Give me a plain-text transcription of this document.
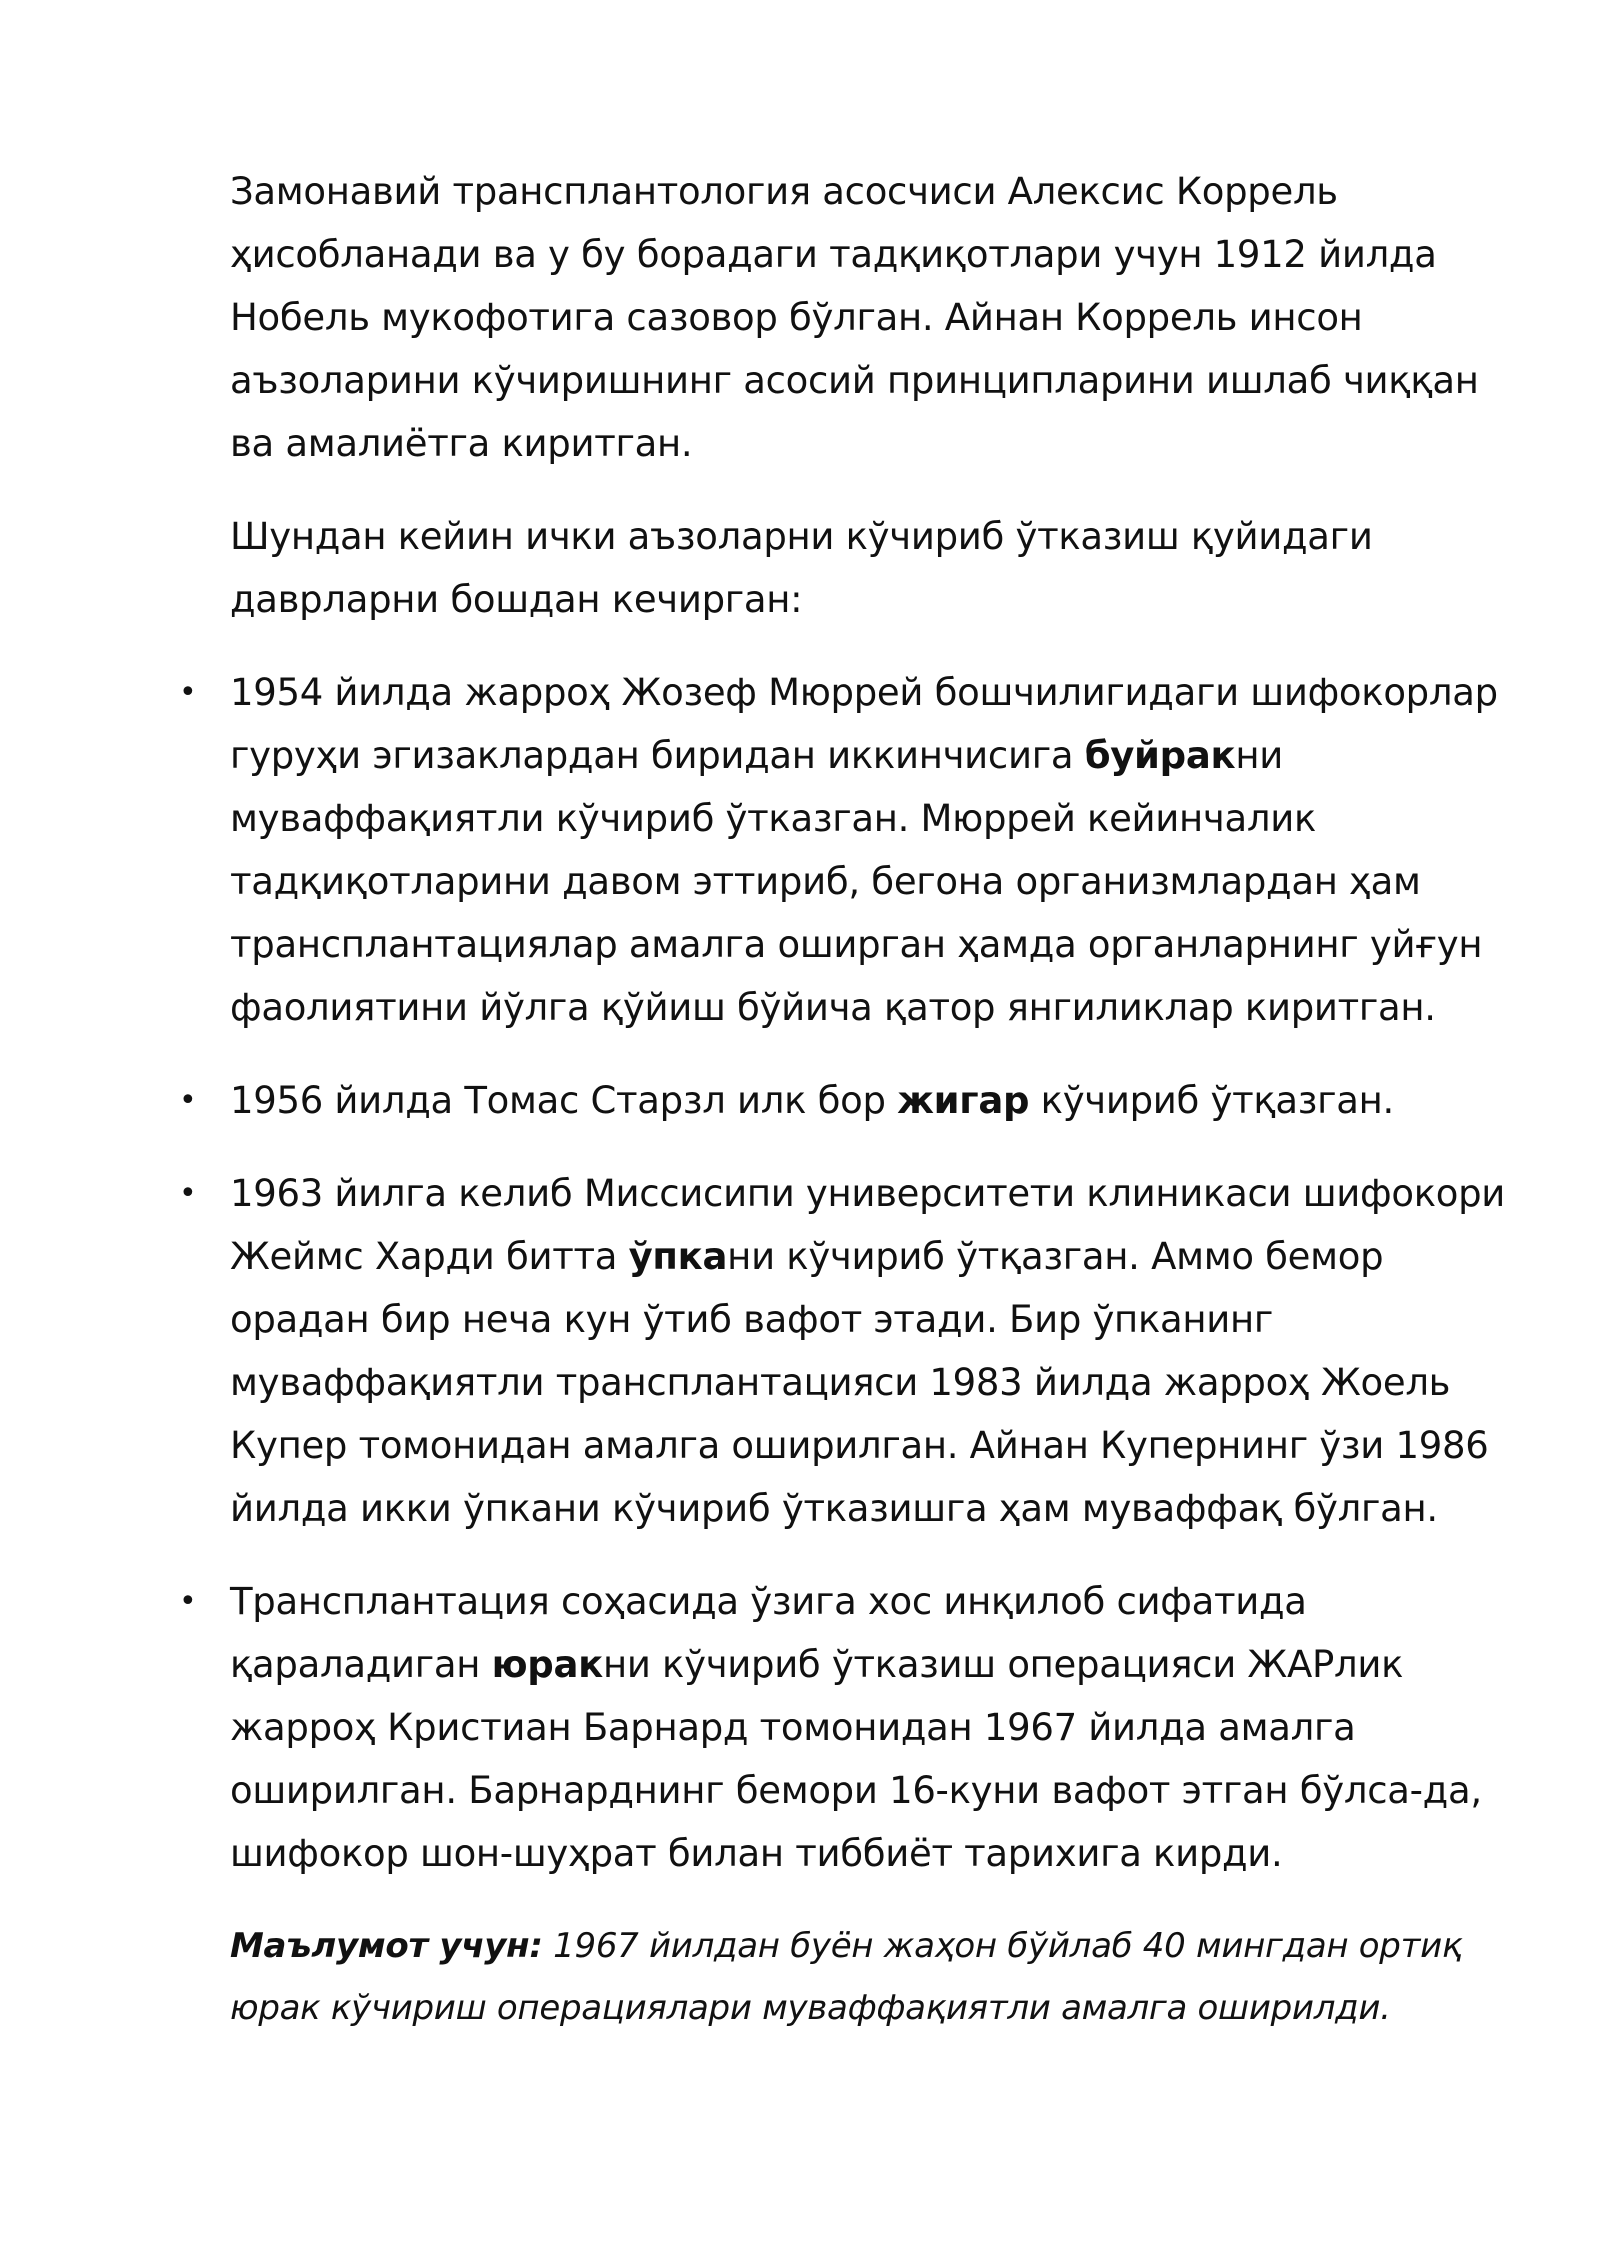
Замонавий трансплантология асосчиси Алексис Коррель ҳисобланади ва у бу борадаги тадқиқотлари учун 1912 йилда Нобель мукофотига сазовор бўлган. Айнан Коррель инсон аъзоларини кўчиришнинг асосий принципларини ишлаб чиққан ва амалиётга киритган.

Шундан кейин ички аъзоларни кўчириб ўтказиш қуйидаги даврларни бошдан кечирган:

• 1954 йилда жарроҳ Жозеф Мюррей бошчилигидаги шифокорлар гуруҳи эгизаклардан биридан иккинчисига буйракни муваффақиятли кўчириб ўтказган. Мюррей кейинчалик тадқиқотларини давом эттириб, бегона организмлардан ҳам трансплантациялар амалга оширган ҳамда органларнинг уйғун фаолиятини йўлга қўйиш бўйича қатор янгиликлар киритган.
• 1956 йилда Томас Старзл илк бор жигар кўчириб ўтқазган.
• 1963 йилга келиб Миссисипи университети клиникаси шифокори Жеймс Харди битта ўпкани кўчириб ўтқазган. Аммо бемор орадан бир неча кун ўтиб вафот этади. Бир ўпканинг муваффақиятли трансплантацияси 1983 йилда жарроҳ Жоель Купер томонидан амалга оширилган. Айнан Купернинг ўзи 1986 йилда икки ўпкани кўчириб ўтказишга ҳам муваффақ бўлган.
• Трансплантация соҳасида ўзига хос инқилоб сифатида қараладиган юракни кўчириб ўтказиш операцияси ЖАРлик жарроҳ Кристиан Барнард томонидан 1967 йилда амалга оширилган. Барнарднинг бемори 16-куни вафот этган бўлса-да, шифокор шон-шуҳрат билан тиббиёт тарихига кирди.

Маълумот учун: 1967 йилдан буён жаҳон бўйлаб 40 мингдан ортиқ юрак кўчириш операциялари муваффақиятли амалга оширилди.
